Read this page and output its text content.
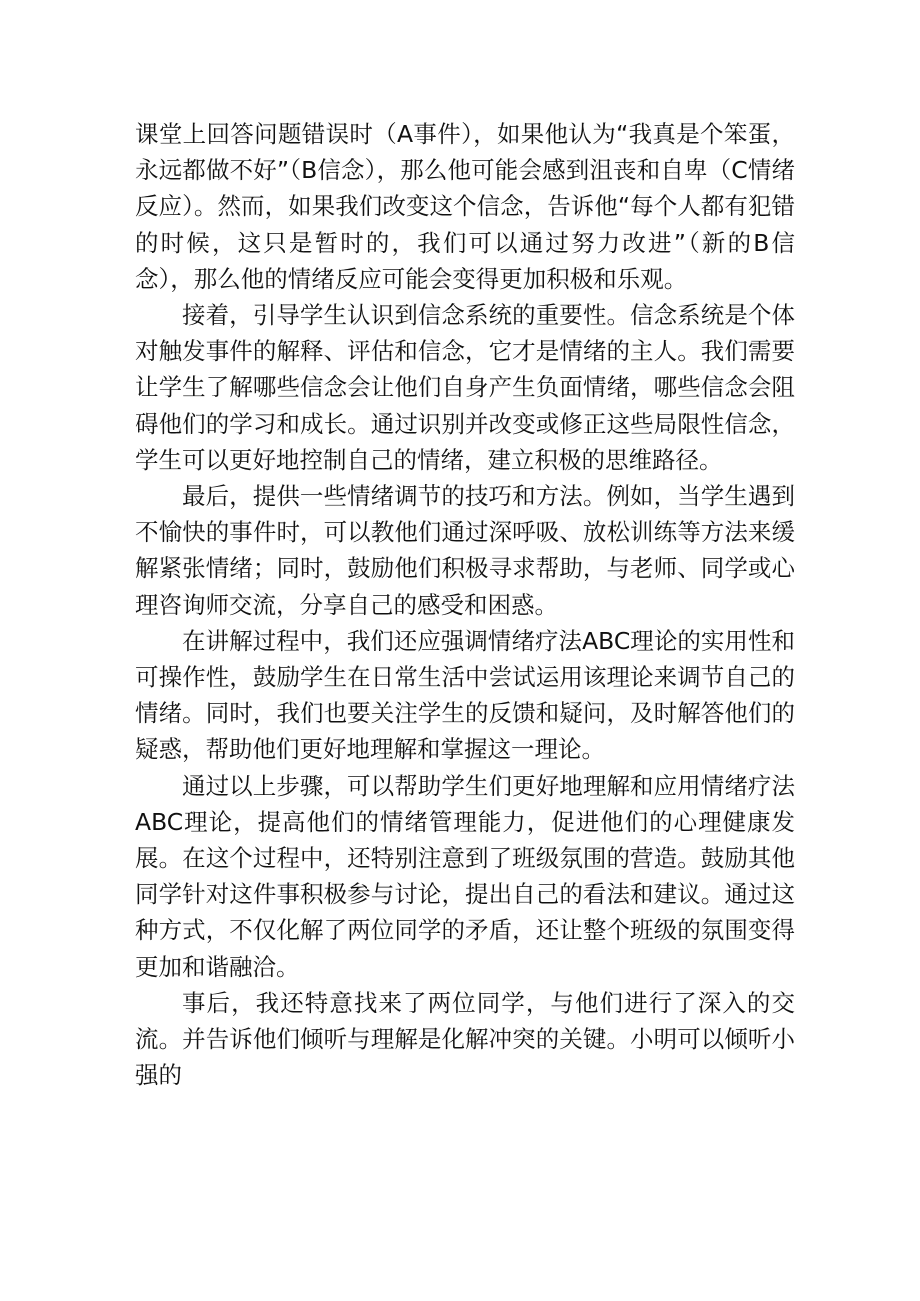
课堂上回答问题错误时（A事件），如果他认为“我真是个笨蛋，永远都做不好”（B信念），那么他可能会感到沮丧和自卑（C情绪反应）。然而，如果我们改变这个信念，告诉他“每个人都有犯错的时候，这只是暂时的，我们可以通过努力改进”（新的B信念），那么他的情绪反应可能会变得更加积极和乐观。

接着，引导学生认识到信念系统的重要性。信念系统是个体对触发事件的解释、评估和信念，它才是情绪的主人。我们需要让学生了解哪些信念会让他们自身产生负面情绪，哪些信念会阻碍他们的学习和成长。通过识别并改变或修正这些局限性信念，学生可以更好地控制自己的情绪，建立积极的思维路径。

最后，提供一些情绪调节的技巧和方法。例如，当学生遇到不愉快的事件时，可以教他们通过深呼吸、放松训练等方法来缓解紧张情绪；同时，鼓励他们积极寻求帮助，与老师、同学或心理咨询师交流，分享自己的感受和困惑。

在讲解过程中，我们还应强调情绪疗法ABC理论的实用性和可操作性，鼓励学生在日常生活中尝试运用该理论来调节自己的情绪。同时，我们也要关注学生的反馈和疑问，及时解答他们的疑惑，帮助他们更好地理解和掌握这一理论。

通过以上步骤，可以帮助学生们更好地理解和应用情绪疗法ABC理论，提高他们的情绪管理能力，促进他们的心理健康发展。在这个过程中，还特别注意到了班级氛围的营造。鼓励其他同学针对这件事积极参与讨论，提出自己的看法和建议。通过这种方式，不仅化解了两位同学的矛盾，还让整个班级的氛围变得更加和谐融洽。

事后，我还特意找来了两位同学，与他们进行了深入的交流。并告诉他们倾听与理解是化解冲突的关键。小明可以倾听小强的
